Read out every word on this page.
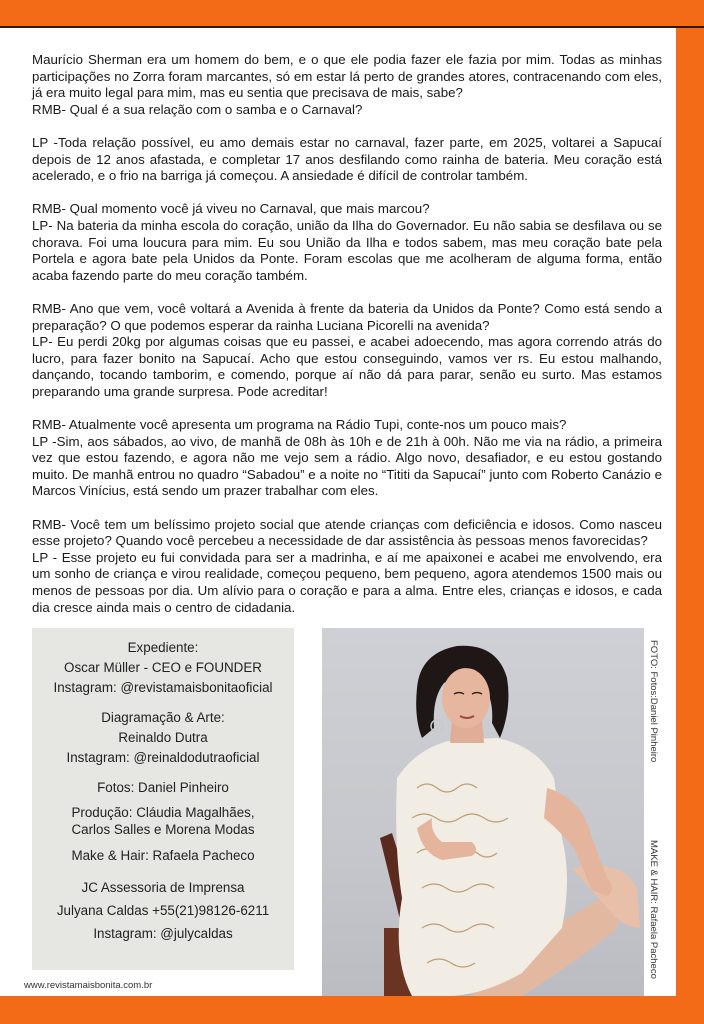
Maurício Sherman era um homem do bem, e o que ele podia fazer ele fazia por mim. Todas as minhas participações no Zorra foram marcantes, só em estar lá perto de grandes atores, contracenando com eles, já era muito legal para mim, mas eu sentia que precisava de mais, sabe?
RMB- Qual é a sua relação com o samba e o Carnaval?

LP -Toda relação possível, eu amo demais estar no carnaval, fazer parte, em 2025, voltarei a Sapucaí depois de 12 anos afastada, e completar 17 anos desfilando como rainha de bateria. Meu coração está acelerado, e o frio na barriga já começou. A ansiedade é difícil de controlar também.

RMB- Qual momento você já viveu no Carnaval, que mais marcou?
LP- Na bateria da minha escola do coração, união da Ilha do Governador. Eu não sabia se desfilava ou se chorava. Foi uma loucura para mim. Eu sou União da Ilha e todos sabem, mas meu coração bate pela Portela e agora bate pela Unidos da Ponte. Foram escolas que me acolheram de alguma forma, então acaba fazendo parte do meu coração também.

RMB- Ano que vem, você voltará a Avenida à frente da bateria da Unidos da Ponte? Como está sendo a preparação? O que podemos esperar da rainha Luciana Picorelli na avenida?
LP- Eu perdi 20kg por algumas coisas que eu passei, e acabei adoecendo, mas agora correndo atrás do lucro, para fazer bonito na Sapucaí. Acho que estou conseguindo, vamos ver rs. Eu estou malhando, dançando, tocando tamborim, e comendo, porque aí não dá para parar, senão eu surto. Mas estamos preparando uma grande surpresa. Pode acreditar!

RMB- Atualmente você apresenta um programa na Rádio Tupi, conte-nos um pouco mais?
LP -Sim, aos sábados, ao vivo, de manhã de 08h às 10h e de 21h à 00h. Não me via na rádio, a primeira vez que estou fazendo, e agora não me vejo sem a rádio. Algo novo, desafiador, e eu estou gostando muito. De manhã entrou no quadro “Sabadou” e a noite no “Tititi da Sapucaí” junto com Roberto Canázio e Marcos Vinícius, está sendo um prazer trabalhar com eles.

RMB- Você tem um belíssimo projeto social que atende crianças com deficiência e idosos. Como nasceu esse projeto? Quando você percebeu a necessidade de dar assistência às pessoas menos favorecidas?
LP - Esse projeto eu fui convidada para ser a madrinha, e aí me apaixonei e acabei me envolvendo, era um sonho de criança e virou realidade, começou pequeno, bem pequeno, agora atendemos 1500 mais ou menos de pessoas por dia. Um alívio para o coração e para a alma. Entre eles, crianças e idosos, e cada dia cresce ainda mais o centro de cidadania.

Expediente:
Oscar Müller - CEO e FOUNDER
Instagram: @revistamaisbonitaoficial
Diagramação & Arte:
Reinaldo Dutra
Instagram: @reinaldodutraoficial
Fotos: Daniel Pinheiro
Produção: Cláudia Magalhães,
Carlos Salles e Morena Modas
Make & Hair: Rafaela Pacheco
JC Assessoria de Imprensa
Julyana Caldas +55(21)98126-6211
Instagram: @julycaldas
FOTO: Fotos:Daniel Pinheiro
MAKE & HAIR: Rafaela Pacheco
www.revistamaisbonita.com.br
